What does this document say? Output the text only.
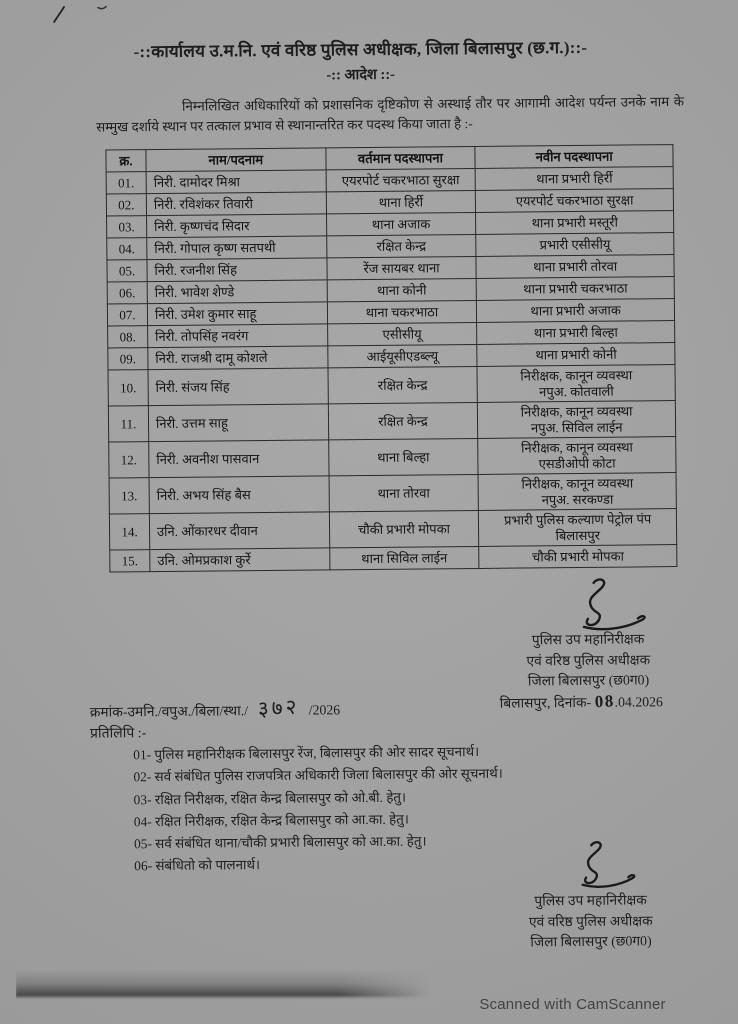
-::कार्यालय उ.म.नि. एवं वरिष्ठ पुलिस अधीक्षक, जिला बिलासपुर (छ.ग.)::-
-:: आदेश ::-
निम्नलिखित अधिकारियों को प्रशासनिक दृष्टिकोण से अस्थाई तौर पर आगामी आदेश पर्यन्त उनके नाम के सम्मुख दर्शाये स्थान पर तत्काल प्रभाव से स्थानान्तरित कर पदस्थ किया जाता है :-
क्र.	नाम/पदनाम	वर्तमान पदस्थापना	नवीन पदस्थापना
01.	निरी. दामोदर मिश्रा	एयरपोर्ट चकरभाठा सुरक्षा	थाना प्रभारी हिर्री
02.	निरी. रविशंकर तिवारी	थाना हिर्री	एयरपोर्ट चकरभाठा सुरक्षा
03.	निरी. कृष्णचंद सिदार	थाना अजाक	थाना प्रभारी मस्तूरी
04.	निरी. गोपाल कृष्ण सतपथी	रक्षित केन्द्र	प्रभारी एसीसीयू
05.	निरी. रजनीश सिंह	रेंज सायबर थाना	थाना प्रभारी तोरवा
06.	निरी. भावेश शेण्डे	थाना कोनी	थाना प्रभारी चकरभाठा
07.	निरी. उमेश कुमार साहू	थाना चकरभाठा	थाना प्रभारी अजाक
08.	निरी. तोपसिंह नवरंग	एसीसीयू	थाना प्रभारी बिल्हा
09.	निरी. राजश्री दामू कोशले	आईयूसीएडब्ल्यू	थाना प्रभारी कोनी
10.	निरी. संजय सिंह	रक्षित केन्द्र	निरीक्षक, कानून व्यवस्था
नपुअ. कोतवाली
11.	निरी. उत्तम साहू	रक्षित केन्द्र	निरीक्षक, कानून व्यवस्था
नपुअ. सिविल लाईन
12.	निरी. अवनीश पासवान	थाना बिल्हा	निरीक्षक, कानून व्यवस्था
एसडीओपी कोटा
13.	निरी. अभय सिंह बैस	थाना तोरवा	निरीक्षक, कानून व्यवस्था
नपुअ. सरकण्डा
14.	उनि. ओंकारधर दीवान	चौकी प्रभारी मोपका	प्रभारी पुलिस कल्याण पेट्रोल पंप
बिलासपुर
15.	उनि. ओमप्रकाश कुर्रे	थाना सिविल लाईन	चौकी प्रभारी मोपका
पुलिस उप महानिरीक्षक
एवं वरिष्ठ पुलिस अधीक्षक
जिला बिलासपुर (छ0ग0)
बिलासपुर, दिनांक- 08.04.2026
क्रमांक-उमनि./वपुअ./बिला/स्था./ ३७२ /2026
प्रतिलिपि :-
01- पुलिस महानिरीक्षक बिलासपुर रेंज, बिलासपुर की ओर सादर सूचनार्थ।
02- सर्व संबंधित पुलिस राजपत्रित अधिकारी जिला बिलासपुर की ओर सूचनार्थ।
03- रक्षित निरीक्षक, रक्षित केन्द्र बिलासपुर को ओ.बी. हेतु।
04- रक्षित निरीक्षक, रक्षित केन्द्र बिलासपुर को आ.का. हेतु।
05- सर्व संबंधित थाना/चौकी प्रभारी बिलासपुर को आ.का. हेतु।
06- संबंधितो को पालनार्थ।
पुलिस उप महानिरीक्षक
एवं वरिष्ठ पुलिस अधीक्षक
जिला बिलासपुर (छ0ग0)
Scanned with CamScanner
